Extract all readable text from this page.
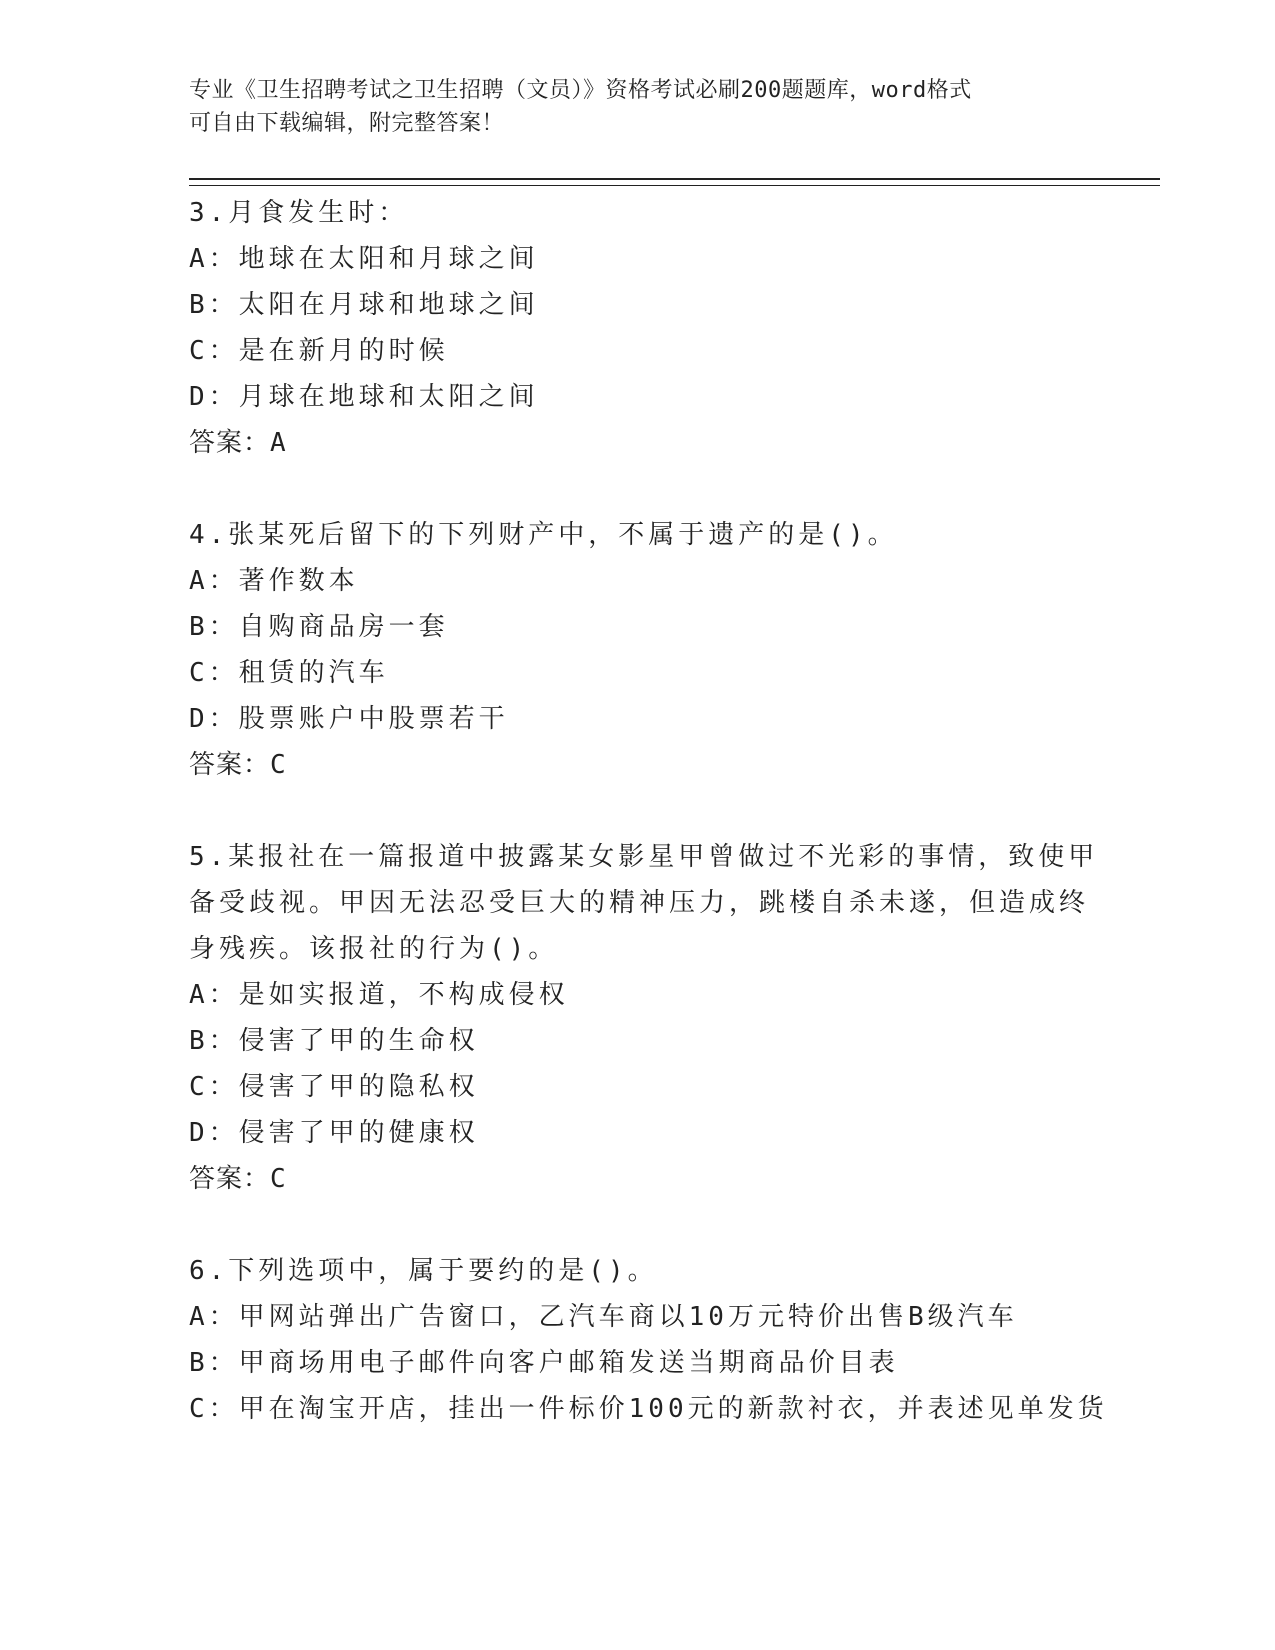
专业《卫生招聘考试之卫生招聘（文员）》资格考试必刷200题题库，word格式
可自由下载编辑，附完整答案！
3.月食发生时：
A：地球在太阳和月球之间
B：太阳在月球和地球之间
C：是在新月的时候
D：月球在地球和太阳之间
答案：A
4.张某死后留下的下列财产中，不属于遗产的是()。
A：著作数本
B：自购商品房一套
C：租赁的汽车
D：股票账户中股票若干
答案：C
5.某报社在一篇报道中披露某女影星甲曾做过不光彩的事情，致使甲
备受歧视。甲因无法忍受巨大的精神压力，跳楼自杀未遂，但造成终
身残疾。该报社的行为()。
A：是如实报道，不构成侵权
B：侵害了甲的生命权
C：侵害了甲的隐私权
D：侵害了甲的健康权
答案：C
6.下列选项中，属于要约的是()。
A：甲网站弹出广告窗口，乙汽车商以10万元特价出售B级汽车
B：甲商场用电子邮件向客户邮箱发送当期商品价目表
C：甲在淘宝开店，挂出一件标价100元的新款衬衣，并表述见单发货
